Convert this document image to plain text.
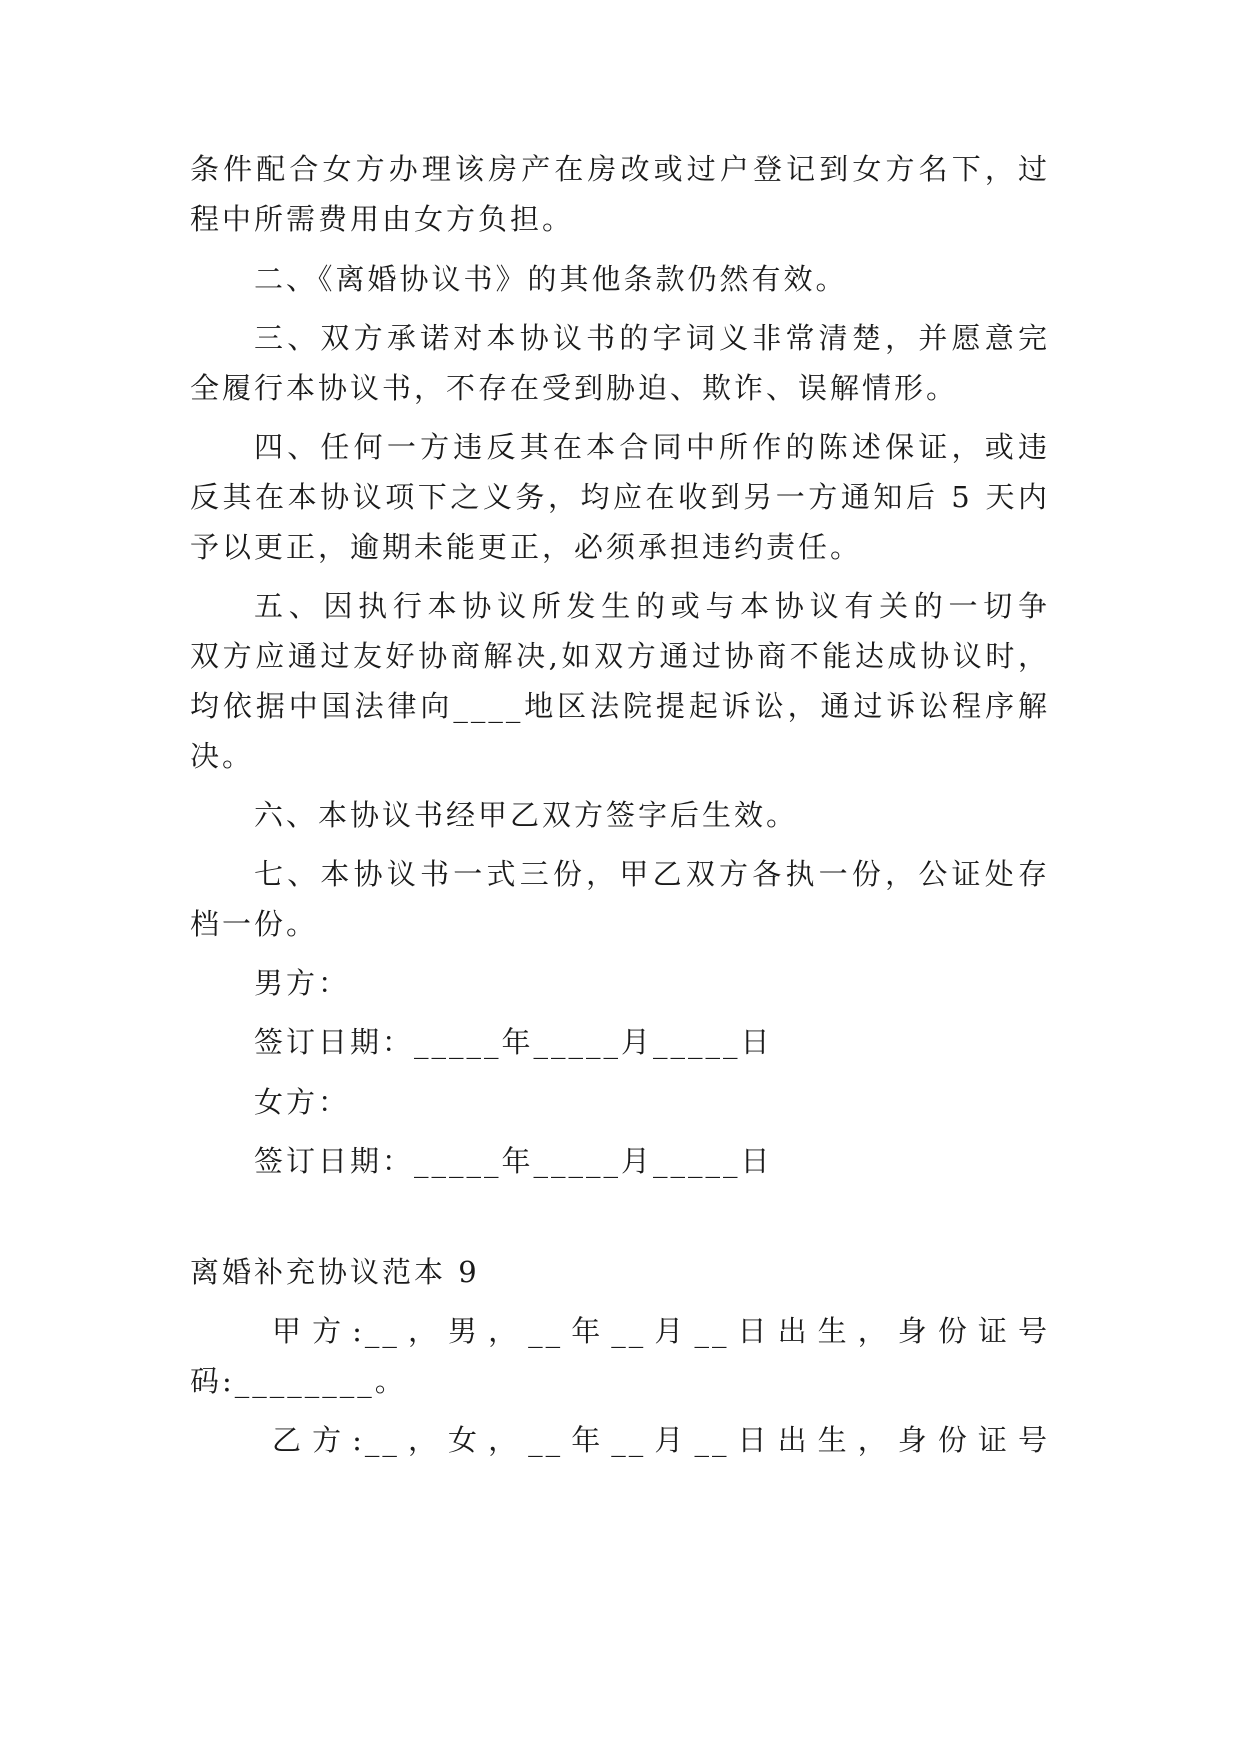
条件配合女方办理该房产在房改或过户登记到女方名下，过
程中所需费用由女方负担。
二、《离婚协议书》的其他条款仍然有效。
三、双方承诺对本协议书的字词义非常清楚，并愿意完
全履行本协议书，不存在受到胁迫、欺诈、误解情形。
四、任何一方违反其在本合同中所作的陈述保证，或违
反其在本协议项下之义务，均应在收到另一方通知后 5 天内
予以更正，逾期未能更正，必须承担违约责任。
五、因执行本协议所发生的或与本协议有关的一切争
双方应通过友好协商解决,如双方通过协商不能达成协议时，
均依据中国法律向____地区法院提起诉讼，通过诉讼程序解
决。
六、本协议书经甲乙双方签字后生效。
七、本协议书一式三份，甲乙双方各执一份，公证处存
档一份。
男方：
签订日期：_____年_____月_____日
女方：
签订日期：_____年_____月_____日
离婚补充协议范本 9
甲方:__，男，__年__月__日出生，身份证号
码:________。
乙方:__，女，__年__月__日出生，身份证号
